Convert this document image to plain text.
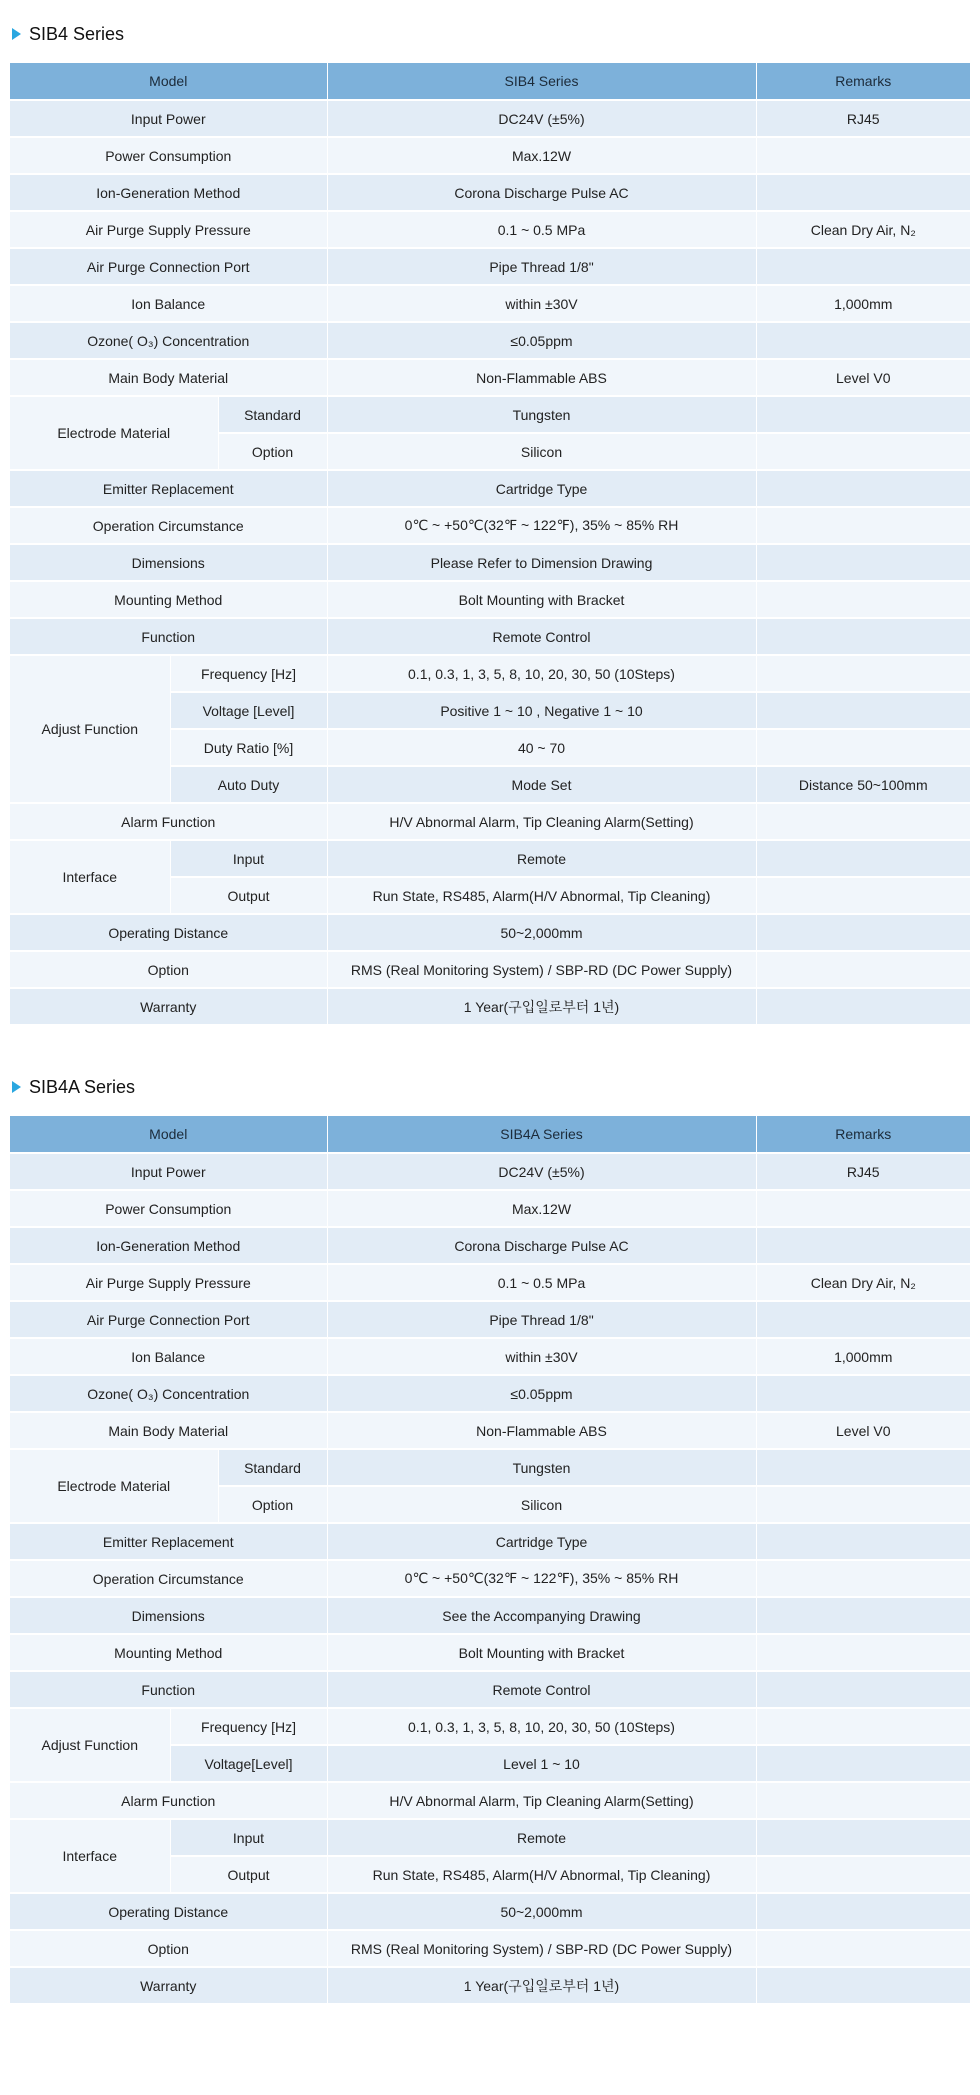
SIB4 Series
Model			SIB4 Series	Remarks
Input Power			DC24V (±5%)	RJ45
Power Consumption			Max.12W	
Ion-Generation Method			Corona Discharge Pulse AC	
Air Purge Supply Pressure			0.1 ~ 0.5 MPa	Clean Dry Air, N₂
Air Purge Connection Port			Pipe Thread 1/8"	
Ion Balance			within ±30V	1,000mm
Ozone( O₃) Concentration			≤0.05ppm	
Main Body Material			Non-Flammable ABS	Level V0
Electrode Material		Standard	Tungsten	
		Option	Silicon	
Emitter Replacement			Cartridge Type	
Operation Circumstance			0℃ ~ +50℃(32℉ ~ 122℉), 35% ~ 85% RH	
Dimensions			Please Refer to Dimension Drawing	
Mounting Method			Bolt Mounting with Bracket	
Function			Remote Control	
Adjust Function	Frequency [Hz]		0.1, 0.3, 1, 3, 5, 8, 10, 20, 30, 50 (10Steps)	
	Voltage [Level]		Positive 1 ~ 10 , Negative 1 ~ 10	
	Duty Ratio [%]		40 ~ 70	
	Auto Duty		Mode Set	Distance 50~100mm
Alarm Function			H/V Abnormal Alarm, Tip Cleaning Alarm(Setting)	
Interface	Input		Remote	
	Output		Run State, RS485, Alarm(H/V Abnormal, Tip Cleaning)	
Operating Distance			50~2,000mm	
Option			RMS (Real Monitoring System) / SBP-RD (DC Power Supply)	
Warranty			1 Year(구입일로부터 1년)	
SIB4A Series
Model			SIB4A Series	Remarks
Input Power			DC24V (±5%)	RJ45
Power Consumption			Max.12W	
Ion-Generation Method			Corona Discharge Pulse AC	
Air Purge Supply Pressure			0.1 ~ 0.5 MPa	Clean Dry Air, N₂
Air Purge Connection Port			Pipe Thread 1/8"	
Ion Balance			within ±30V	1,000mm
Ozone( O₃) Concentration			≤0.05ppm	
Main Body Material			Non-Flammable ABS	Level V0
Electrode Material		Standard	Tungsten	
		Option	Silicon	
Emitter Replacement			Cartridge Type	
Operation Circumstance			0℃ ~ +50℃(32℉ ~ 122℉), 35% ~ 85% RH	
Dimensions			See the Accompanying Drawing	
Mounting Method			Bolt Mounting with Bracket	
Function			Remote Control	
Adjust Function	Frequency [Hz]		0.1, 0.3, 1, 3, 5, 8, 10, 20, 30, 50 (10Steps)	
	Voltage[Level]		Level 1 ~ 10	
Alarm Function			H/V Abnormal Alarm, Tip Cleaning Alarm(Setting)	
Interface	Input		Remote	
	Output		Run State, RS485, Alarm(H/V Abnormal, Tip Cleaning)	
Operating Distance			50~2,000mm	
Option			RMS (Real Monitoring System) / SBP-RD (DC Power Supply)	
Warranty			1 Year(구입일로부터 1년)	
